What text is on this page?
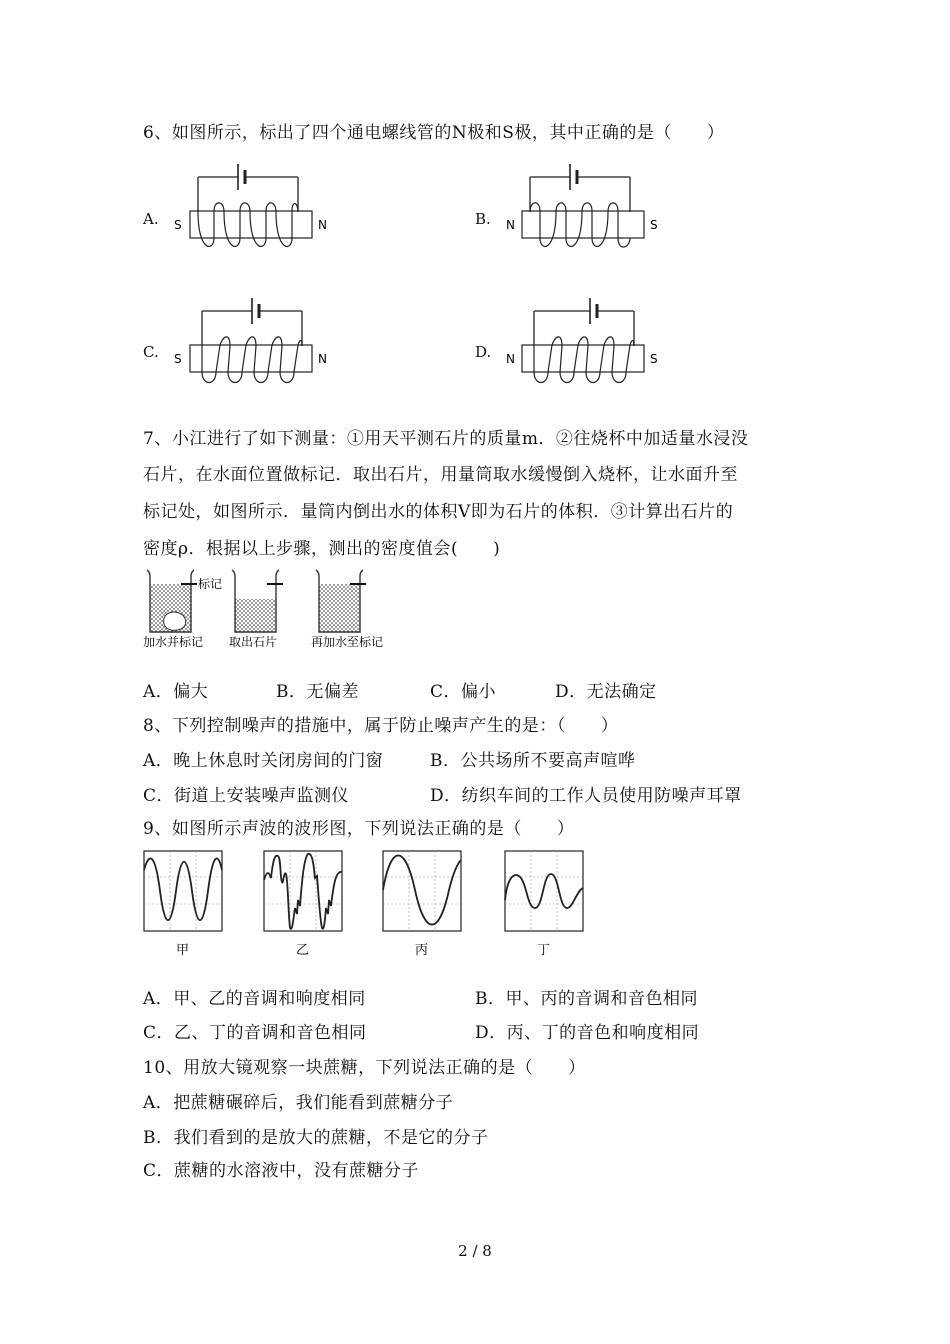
6、如图所示，标出了四个通电螺线管的N极和S极，其中正确的是（　　）
A. S	N	B. N	S
C. S	N	D. N	S
7、小江进行了如下测量：①用天平测石片的质量m．②往烧杯中加适量水浸没
石片，在水面位置做标记．取出石片，用量筒取水缓慢倒入烧杯，让水面升至
标记处，如图所示．量筒内倒出水的体积V即为石片的体积．③计算出石片的
密度ρ．根据以上步骤，测出的密度值会(　　)
标记
加水并标记 取出石片	再加水至标记
A．偏大	B．无偏差	C．偏小	D．无法确定
8、下列控制噪声的措施中，属于防止噪声产生的是：（　　）
A．晚上休息时关闭房间的门窗	B．公共场所不要高声喧哗
C．街道上安装噪声监测仪	D．纺织车间的工作人员使用防噪声耳罩
9、如图所示声波的波形图，下列说法正确的是（　　）
甲	乙	丙	丁
A．甲、乙的音调和响度相同	B．甲、丙的音调和音色相同
C．乙、丁的音调和音色相同	D．丙、丁的音色和响度相同
10、用放大镜观察一块蔗糖，下列说法正确的是（　　）
A．把蔗糖碾碎后，我们能看到蔗糖分子
B．我们看到的是放大的蔗糖，不是它的分子
C．蔗糖的水溶液中，没有蔗糖分子
2 / 8
